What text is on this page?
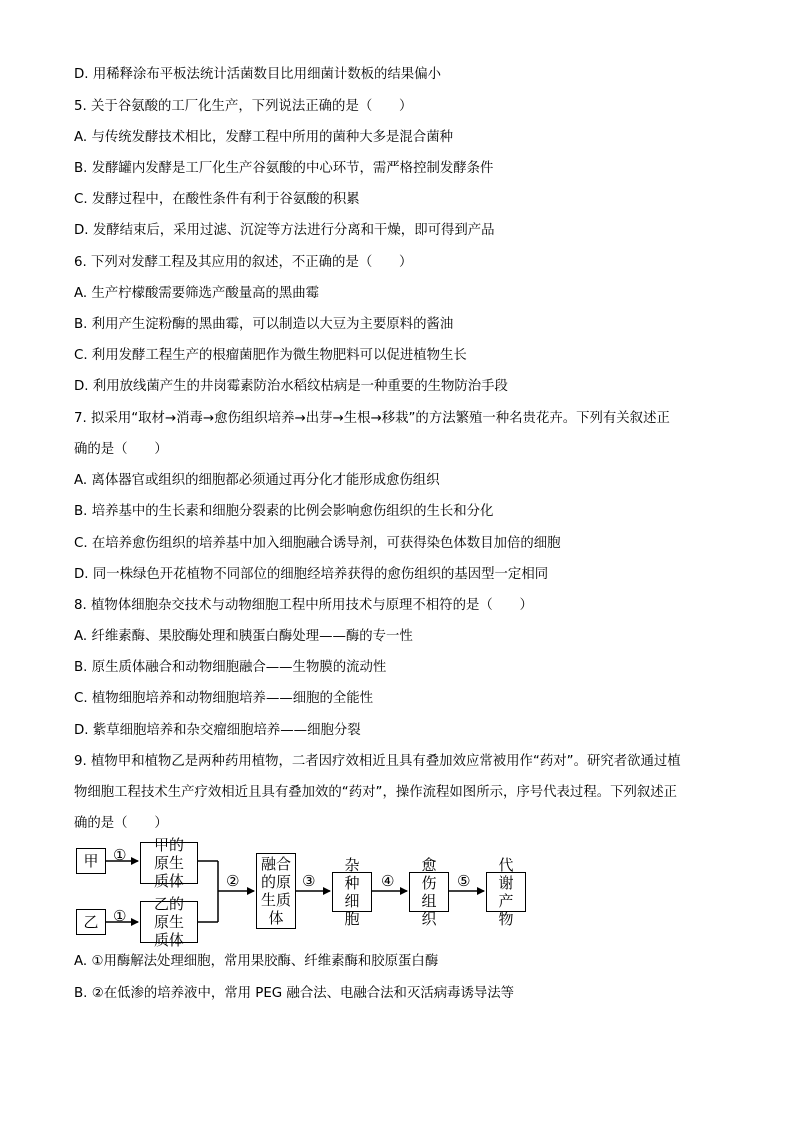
D. 用稀释涂布平板法统计活菌数目比用细菌计数板的结果偏小
5. 关于谷氨酸的工厂化生产，下列说法正确的是（　　）
A. 与传统发酵技术相比，发酵工程中所用的菌种大多是混合菌种
B. 发酵罐内发酵是工厂化生产谷氨酸的中心环节，需严格控制发酵条件
C. 发酵过程中，在酸性条件有利于谷氨酸的积累
D. 发酵结束后，采用过滤、沉淀等方法进行分离和干燥，即可得到产品
6. 下列对发酵工程及其应用的叙述，不正确的是（　　）
A. 生产柠檬酸需要筛选产酸量高的黑曲霉
B. 利用产生淀粉酶的黑曲霉，可以制造以大豆为主要原料的酱油
C. 利用发酵工程生产的根瘤菌肥作为微生物肥料可以促进植物生长
D. 利用放线菌产生的井岗霉素防治水稻纹枯病是一种重要的生物防治手段
7. 拟采用“取材→消毒→愈伤组织培养→出芽→生根→移栽”的方法繁殖一种名贵花卉。下列有关叙述正
确的是（　　）
A. 离体器官或组织的细胞都必须通过再分化才能形成愈伤组织
B. 培养基中的生长素和细胞分裂素的比例会影响愈伤组织的生长和分化
C. 在培养愈伤组织的培养基中加入细胞融合诱导剂，可获得染色体数目加倍的细胞
D. 同一株绿色开花植物不同部位的细胞经培养获得的愈伤组织的基因型一定相同
8. 植物体细胞杂交技术与动物细胞工程中所用技术与原理不相符的是（　　）
A. 纤维素酶、果胶酶处理和胰蛋白酶处理——酶的专一性
B. 原生质体融合和动物细胞融合——生物膜的流动性
C. 植物细胞培养和动物细胞培养——细胞的全能性
D. 紫草细胞培养和杂交瘤细胞培养——细胞分裂
9. 植物甲和植物乙是两种药用植物，二者因疗效相近且具有叠加效应常被用作“药对”。研究者欲通过植
物细胞工程技术生产疗效相近且具有叠加效的“药对”，操作流程如图所示，序号代表过程。下列叙述正
确的是（　　）
甲
乙
①
①
甲的原生质体
乙的原生质体
②
融合的原生质体
③
杂种细胞
④
愈伤组织
⑤
代谢产物
A. ①用酶解法处理细胞，常用果胶酶、纤维素酶和胶原蛋白酶
B. ②在低渗的培养液中，常用 PEG 融合法、电融合法和灭活病毒诱导法等
